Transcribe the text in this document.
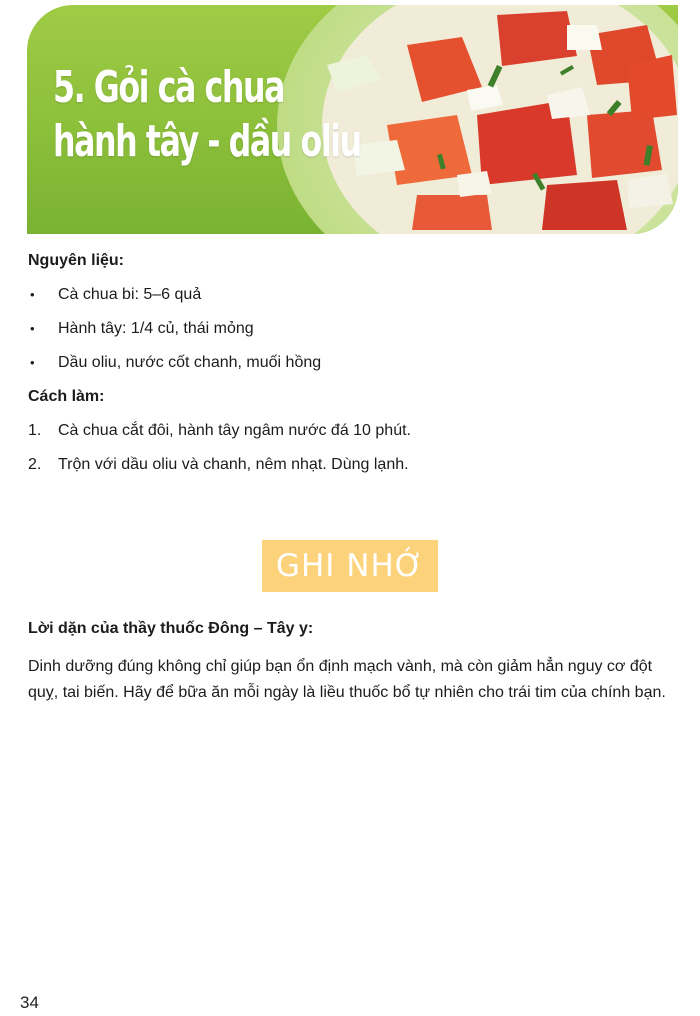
5. Gỏi cà chua
hành tây - dầu oliu

Nguyên liệu:

• Cà chua bi: 5–6 quả
• Hành tây: 1/4 củ, thái mỏng
• Dầu oliu, nước cốt chanh, muối hồng

Cách làm:

1. Cà chua cắt đôi, hành tây ngâm nước đá 10 phút.
2. Trộn với dầu oliu và chanh, nêm nhạt. Dùng lạnh.
GHI NHỚ

Lời dặn của thầy thuốc Đông – Tây y:

Dinh dưỡng đúng không chỉ giúp bạn ổn định mạch vành, mà còn giảm hẳn nguy cơ đột quỵ, tai biến. Hãy để bữa ăn mỗi ngày là liều thuốc bổ tự nhiên cho trái tim của chính bạn.

34
